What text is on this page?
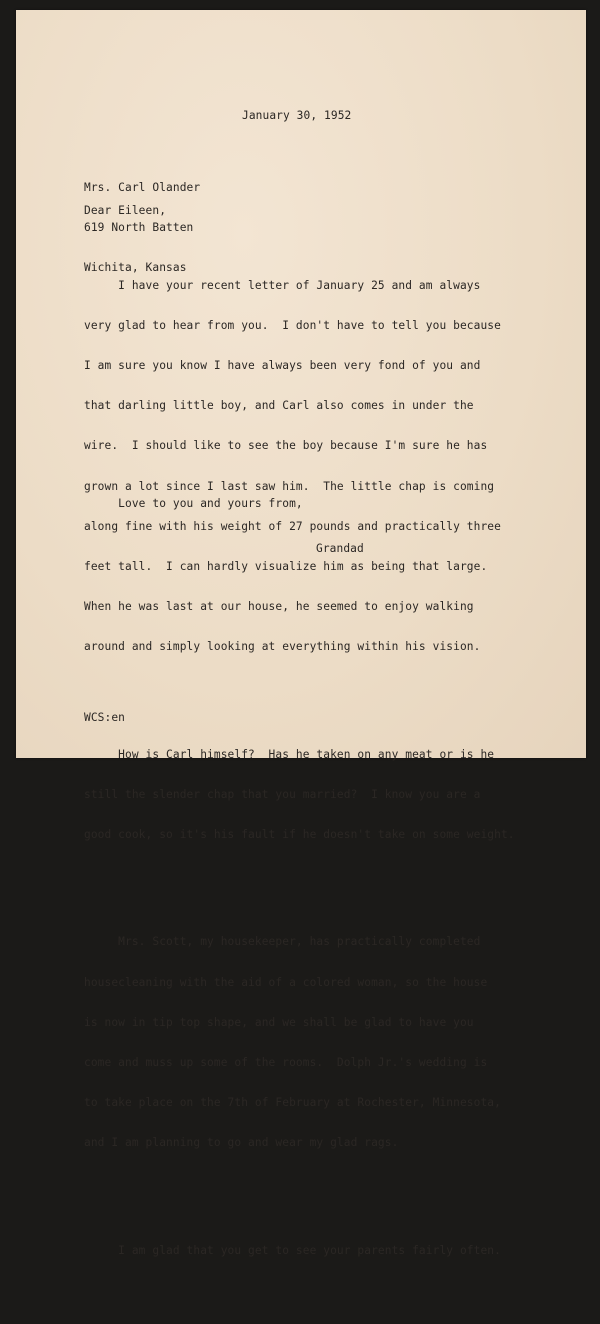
January 30, 1952

Mrs. Carl Olander

619 North Batten

Wichita, Kansas

Dear Eileen,

I have your recent letter of January 25 and am always

very glad to hear from you.  I don't have to tell you because

I am sure you know I have always been very fond of you and

that darling little boy, and Carl also comes in under the

wire.  I should like to see the boy because I'm sure he has

grown a lot since I last saw him.  The little chap is coming

along fine with his weight of 27 pounds and practically three

feet tall.  I can hardly visualize him as being that large.

When he was last at our house, he seemed to enjoy walking

around and simply looking at everything within his vision.

How is Carl himself?  Has he taken on any meat or is he

still the slender chap that you married?  I know you are a

good cook, so it's his fault if he doesn't take on some weight.

Mrs. Scott, my housekeeper, has practically completed

housecleaning with the aid of a colored woman, so the house

is now in tip top shape, and we shall be glad to have you

come and muss up some of the rooms.  Dolph Jr.'s wedding is

to take place on the 7th of February at Rochester, Minnesota,

and I am planning to go and wear my glad rags.

I am glad that you get to see your parents fairly often.

Love to you and yours from,
Grandad
WCS:en
